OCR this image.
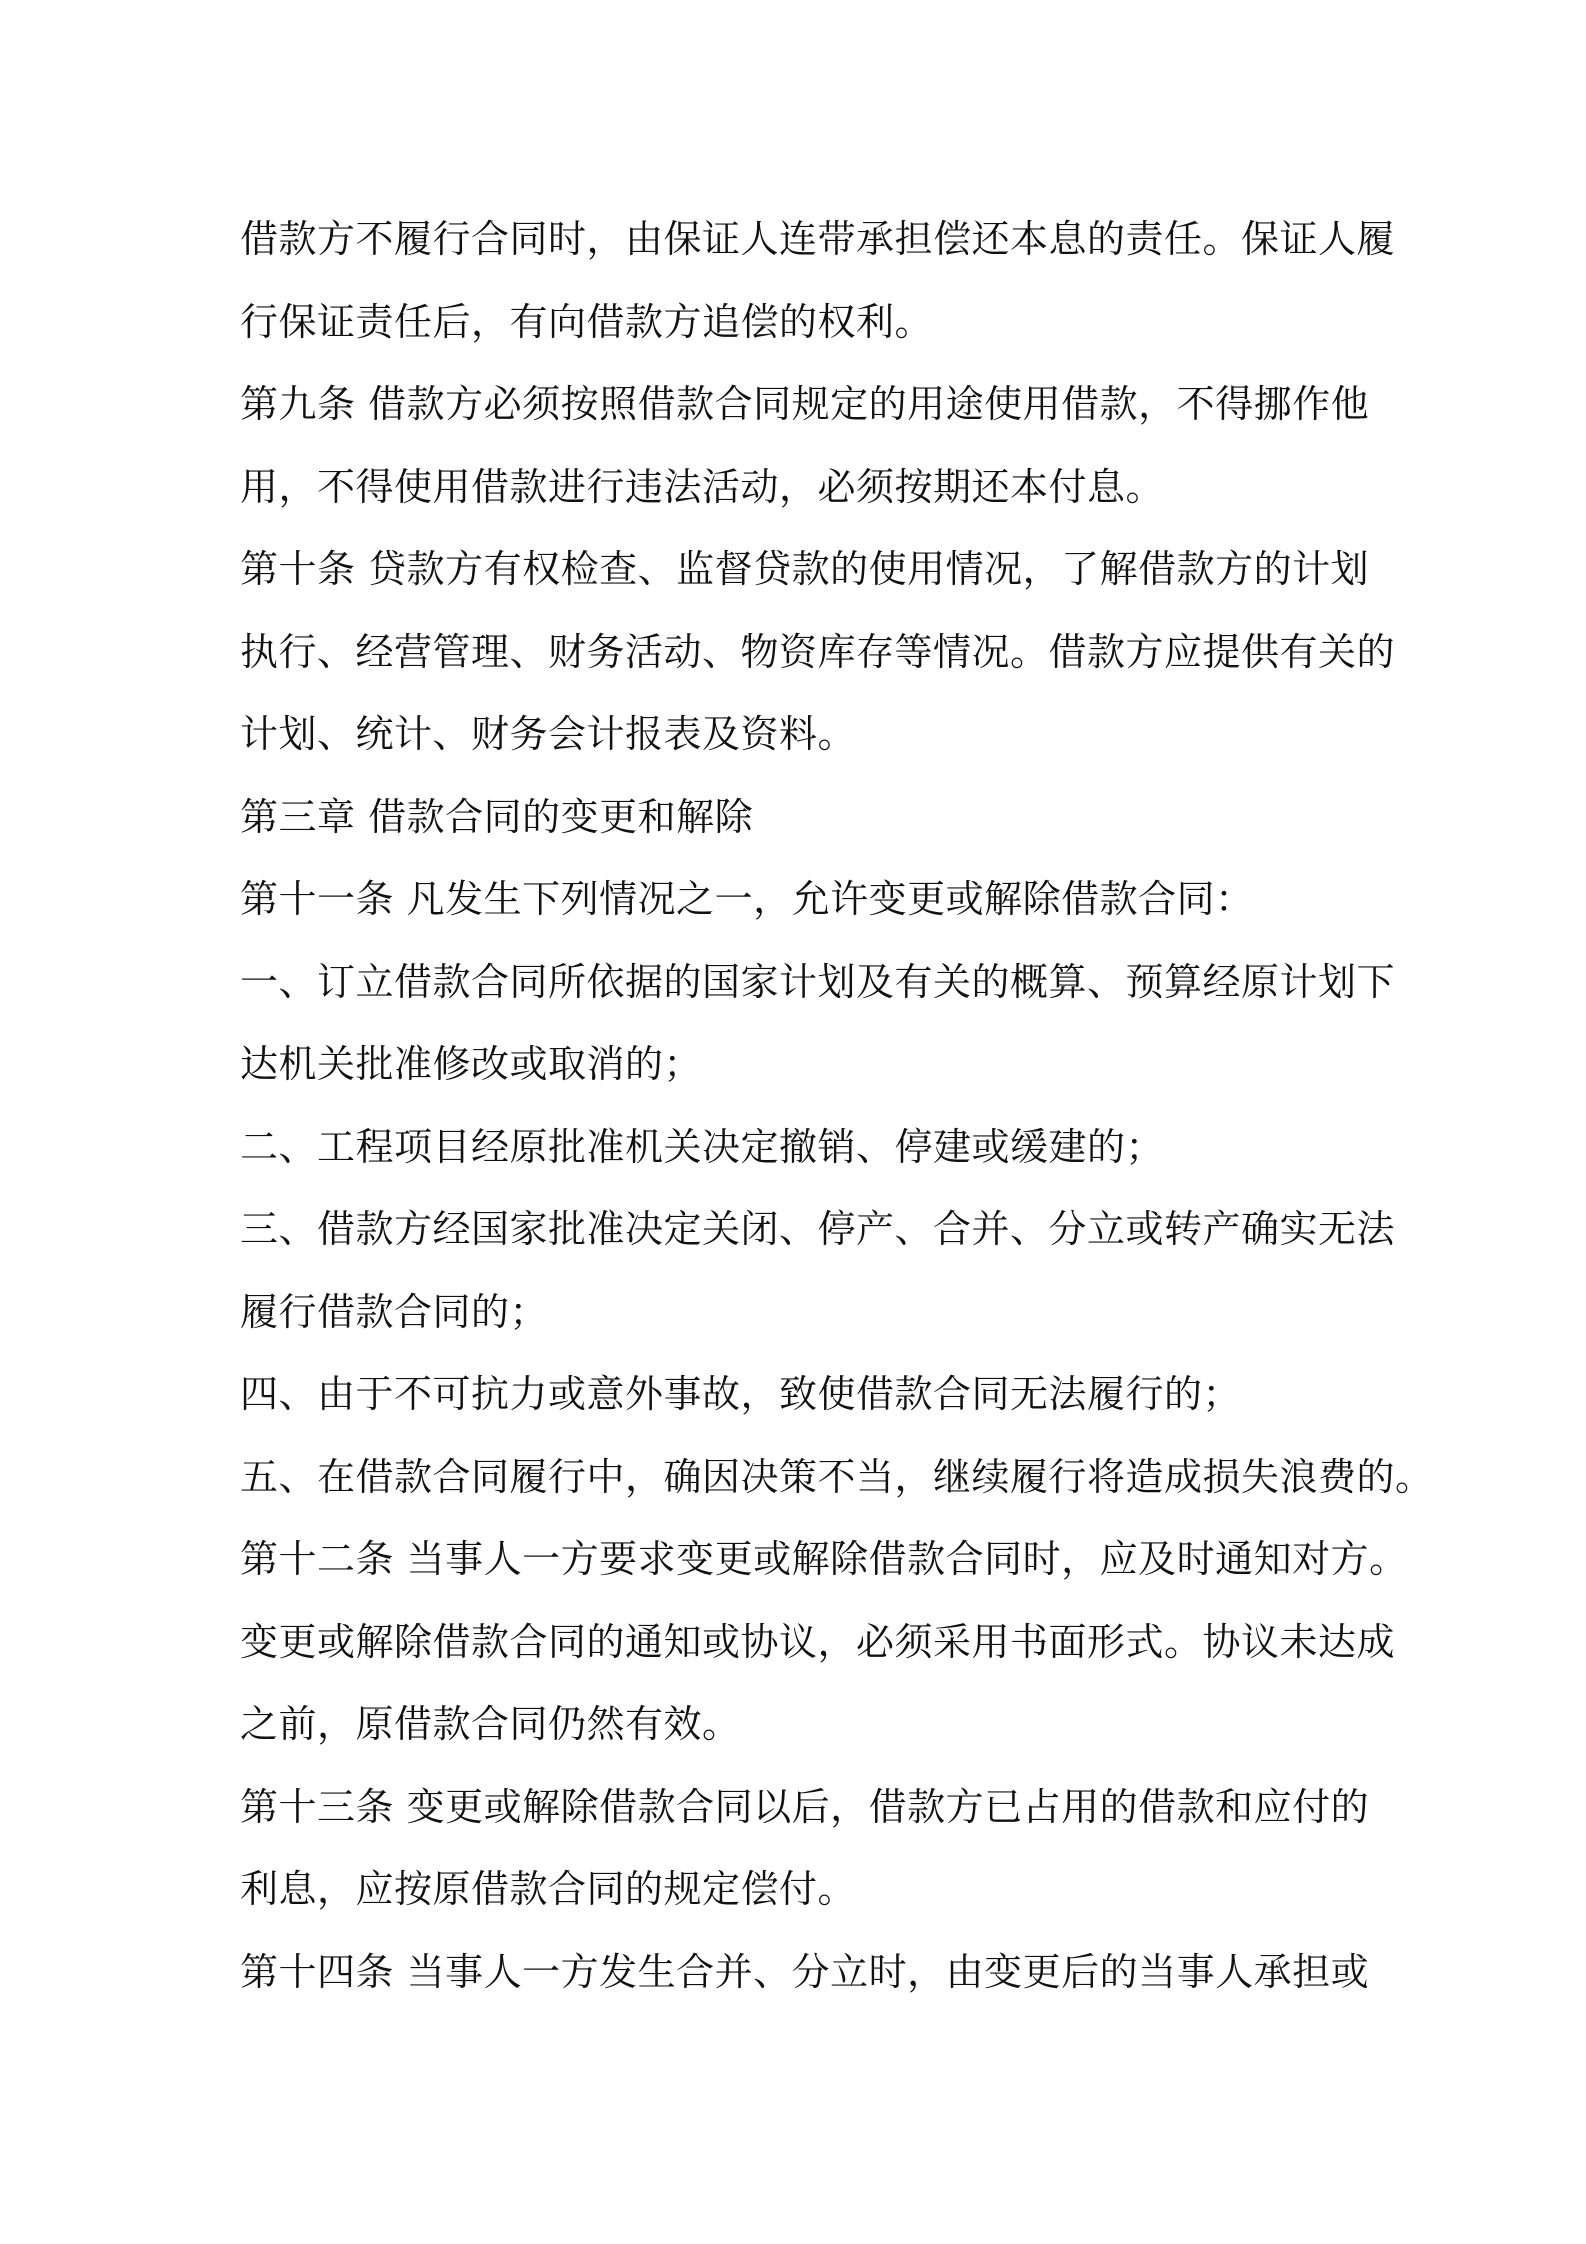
借款方不履行合同时，由保证人连带承担偿还本息的责任。保证人履
行保证责任后，有向借款方追偿的权利。
第九条 借款方必须按照借款合同规定的用途使用借款，不得挪作他
用，不得使用借款进行违法活动，必须按期还本付息。
第十条 贷款方有权检查、监督贷款的使用情况，了解借款方的计划
执行、经营管理、财务活动、物资库存等情况。借款方应提供有关的
计划、统计、财务会计报表及资料。
第三章 借款合同的变更和解除
第十一条 凡发生下列情况之一，允许变更或解除借款合同：
一、订立借款合同所依据的国家计划及有关的概算、预算经原计划下
达机关批准修改或取消的；
二、工程项目经原批准机关决定撤销、停建或缓建的；
三、借款方经国家批准决定关闭、停产、合并、分立或转产确实无法
履行借款合同的；
四、由于不可抗力或意外事故，致使借款合同无法履行的；
五、在借款合同履行中，确因决策不当，继续履行将造成损失浪费的。
第十二条 当事人一方要求变更或解除借款合同时，应及时通知对方。
变更或解除借款合同的通知或协议，必须采用书面形式。协议未达成
之前，原借款合同仍然有效。
第十三条 变更或解除借款合同以后，借款方已占用的借款和应付的
利息，应按原借款合同的规定偿付。
第十四条 当事人一方发生合并、分立时，由变更后的当事人承担或
